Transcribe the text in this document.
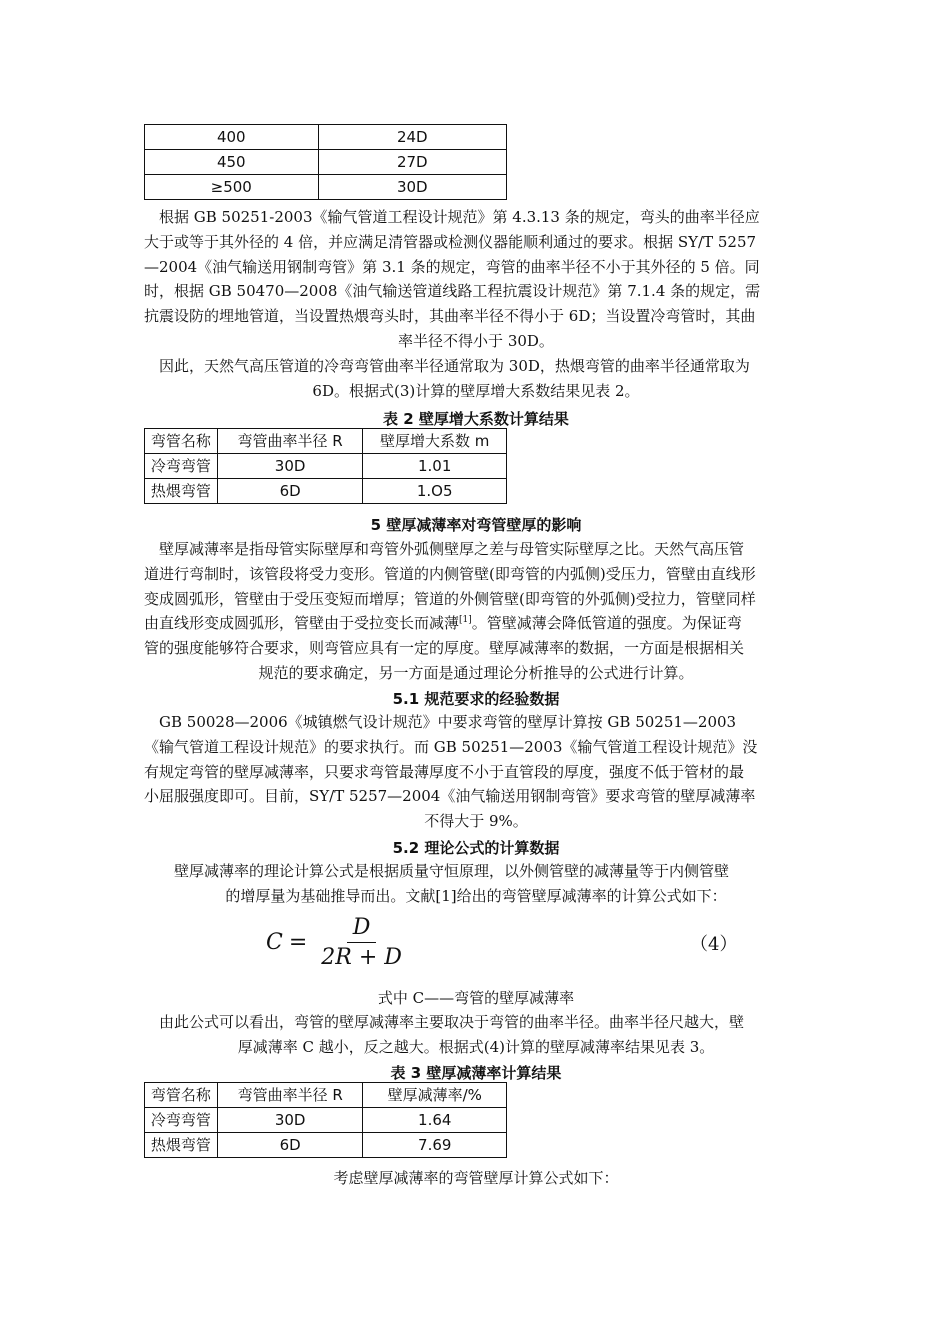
400	24D
450	27D
≥500	30D
　根据 GB 50251-2003《输气管道工程设计规范》第 4.3.13 条的规定，弯头的曲率半径应
大于或等于其外径的 4 倍，并应满足清管器或检测仪器能顺利通过的要求。根据 SY/T 5257
—2004《油气输送用钢制弯管》第 3.1 条的规定，弯管的曲率半径不小于其外径的 5 倍。同
时，根据 GB 50470—2008《油气输送管道线路工程抗震设计规范》第 7.1.4 条的规定，需
抗震设防的埋地管道，当设置热煨弯头时，其曲率半径不得小于 6D；当设置冷弯管时，其曲
率半径不得小于 30D。
　因此，天然气高压管道的冷弯弯管曲率半径通常取为 30D，热煨弯管的曲率半径通常取为
6D。根据式(3)计算的壁厚增大系数结果见表 2。
表 2 壁厚增大系数计算结果
弯管名称	弯管曲率半径 R	壁厚增大系数 m
冷弯弯管	30D	1.01
热煨弯管	6D	1.O5
5 壁厚减薄率对弯管壁厚的影响
　壁厚减薄率是指母管实际壁厚和弯管外弧侧壁厚之差与母管实际壁厚之比。天然气高压管
道进行弯制时，该管段将受力变形。管道的内侧管壁(即弯管的内弧侧)受压力，管壁由直线形
变成圆弧形，管壁由于受压变短而增厚；管道的外侧管壁(即弯管的外弧侧)受拉力，管壁同样
由直线形变成圆弧形，管壁由于受拉变长而减薄[1]。管壁减薄会降低管道的强度。为保证弯
管的强度能够符合要求，则弯管应具有一定的厚度。壁厚减薄率的数据，一方面是根据相关
规范的要求确定，另一方面是通过理论分析推导的公式进行计算。
5.1 规范要求的经验数据
　GB 50028—2006《城镇燃气设计规范》中要求弯管的壁厚计算按 GB 50251—2003
《输气管道工程设计规范》的要求执行。而 GB 50251—2003《输气管道工程设计规范》没
有规定弯管的壁厚减薄率，只要求弯管最薄厚度不小于直管段的厚度，强度不低于管材的最
小屈服强度即可。目前，SY/T 5257—2004《油气输送用钢制弯管》要求弯管的壁厚减薄率
不得大于 9%。
5.2 理论公式的计算数据
　　壁厚减薄率的理论计算公式是根据质量守恒原理，以外侧管壁的减薄量等于内侧管壁
的增厚量为基础推导而出。文献[1]给出的弯管壁厚减薄率的计算公式如下：
$C = \frac{D}{2R + D}$	（4）
式中 C——弯管的壁厚减薄率
　由此公式可以看出，弯管的壁厚减薄率主要取决于弯管的曲率半径。曲率半径尺越大，壁
厚减薄率 C 越小，反之越大。根据式(4)计算的壁厚减薄率结果见表 3。
表 3 壁厚减薄率计算结果
弯管名称	弯管曲率半径 R	壁厚减薄率/%
冷弯弯管	30D	1.64
热煨弯管	6D	7.69
考虑壁厚减薄率的弯管壁厚计算公式如下：
